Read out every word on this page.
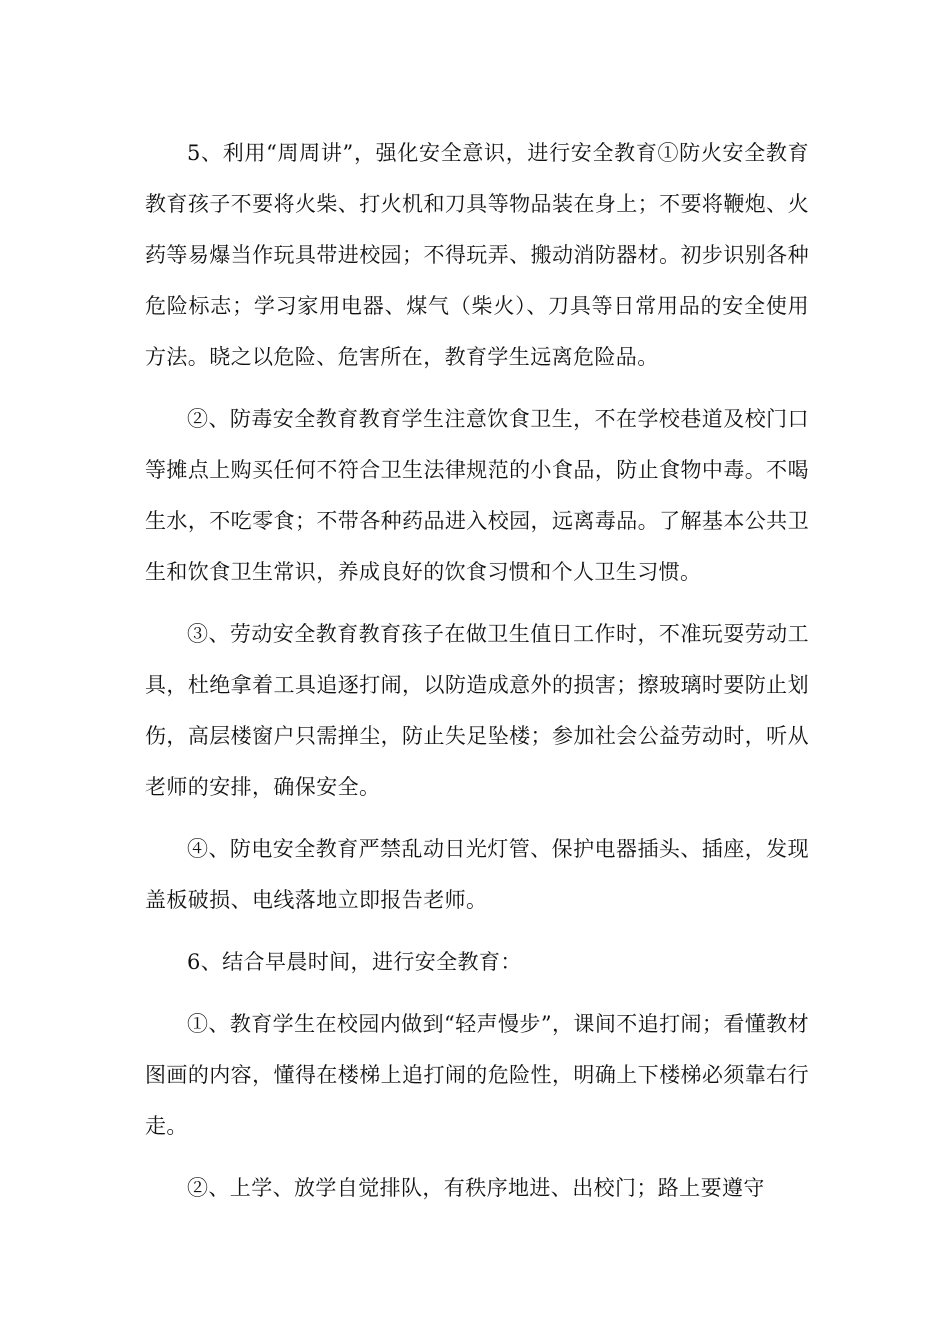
5、利用“周周讲”，强化安全意识，进行安全教育①防火安全教育教育孩子不要将火柴、打火机和刀具等物品装在身上；不要将鞭炮、火药等易爆当作玩具带进校园；不得玩弄、搬动消防器材。初步识别各种危险标志；学习家用电器、煤气（柴火）、刀具等日常用品的安全使用方法。晓之以危险、危害所在，教育学生远离危险品。

②、防毒安全教育教育学生注意饮食卫生，不在学校巷道及校门口等摊点上购买任何不符合卫生法律规范的小食品，防止食物中毒。不喝生水，不吃零食；不带各种药品进入校园，远离毒品。了解基本公共卫生和饮食卫生常识，养成良好的饮食习惯和个人卫生习惯。

③、劳动安全教育教育孩子在做卫生值日工作时，不准玩耍劳动工具，杜绝拿着工具追逐打闹，以防造成意外的损害；擦玻璃时要防止划伤，高层楼窗户只需掸尘，防止失足坠楼；参加社会公益劳动时，听从老师的安排，确保安全。

④、防电安全教育严禁乱动日光灯管、保护电器插头、插座，发现盖板破损、电线落地立即报告老师。

6、结合早晨时间，进行安全教育：

①、教育学生在校园内做到“轻声慢步”，课间不追打闹；看懂教材图画的内容，懂得在楼梯上追打闹的危险性，明确上下楼梯必须靠右行走。

②、上学、放学自觉排队，有秩序地进、出校门；路上要遵守
